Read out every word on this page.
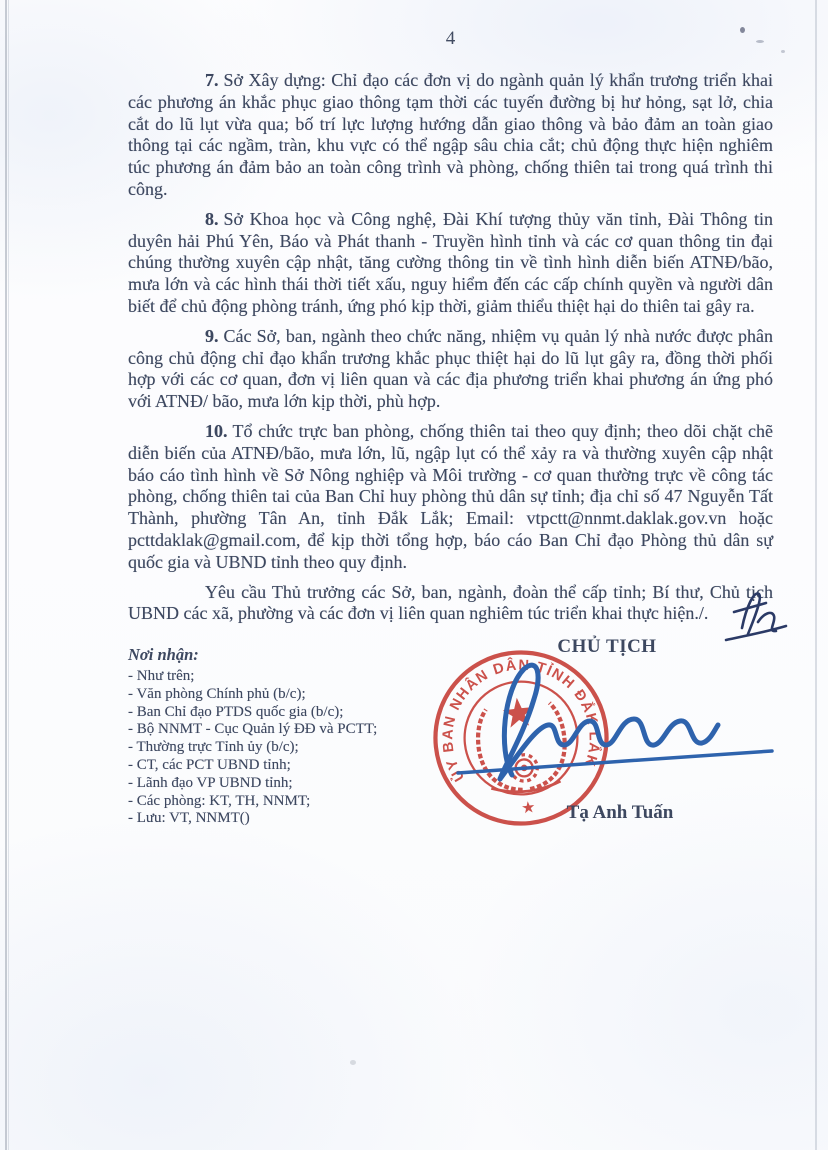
4

7. Sở Xây dựng: Chỉ đạo các đơn vị do ngành quản lý khẩn trương triển khai các phương án khắc phục giao thông tạm thời các tuyến đường bị hư hỏng, sạt lở, chia cắt do lũ lụt vừa qua; bố trí lực lượng hướng dẫn giao thông và bảo đảm an toàn giao thông tại các ngầm, tràn, khu vực có thể ngập sâu chia cắt; chủ động thực hiện nghiêm túc phương án đảm bảo an toàn công trình và phòng, chống thiên tai trong quá trình thi công.

8. Sở Khoa học và Công nghệ, Đài Khí tượng thủy văn tỉnh, Đài Thông tin duyên hải Phú Yên, Báo và Phát thanh - Truyền hình tỉnh và các cơ quan thông tin đại chúng thường xuyên cập nhật, tăng cường thông tin về tình hình diễn biến ATNĐ/bão, mưa lớn và các hình thái thời tiết xấu, nguy hiểm đến các cấp chính quyền và người dân biết để chủ động phòng tránh, ứng phó kịp thời, giảm thiểu thiệt hại do thiên tai gây ra.

9. Các Sở, ban, ngành theo chức năng, nhiệm vụ quản lý nhà nước được phân công chủ động chỉ đạo khẩn trương khắc phục thiệt hại do lũ lụt gây ra, đồng thời phối hợp với các cơ quan, đơn vị liên quan và các địa phương triển khai phương án ứng phó với ATNĐ/ bão, mưa lớn kịp thời, phù hợp.

10. Tổ chức trực ban phòng, chống thiên tai theo quy định; theo dõi chặt chẽ diễn biến của ATNĐ/bão, mưa lớn, lũ, ngập lụt có thể xảy ra và thường xuyên cập nhật báo cáo tình hình về Sở Nông nghiệp và Môi trường - cơ quan thường trực về công tác phòng, chống thiên tai của Ban Chỉ huy phòng thủ dân sự tỉnh; địa chỉ số 47 Nguyễn Tất Thành, phường Tân An, tỉnh Đắk Lắk; Email: vtpctt@nnmt.daklak.gov.vn hoặc pcttdaklak@gmail.com, để kịp thời tổng hợp, báo cáo Ban Chỉ đạo Phòng thủ dân sự quốc gia và UBND tỉnh theo quy định.

Yêu cầu Thủ trưởng các Sở, ban, ngành, đoàn thể cấp tỉnh; Bí thư, Chủ tịch UBND các xã, phường và các đơn vị liên quan nghiêm túc triển khai thực hiện./.

Nơi nhận:

- Như trên;
- Văn phòng Chính phủ (b/c);
- Ban Chỉ đạo PTDS quốc gia (b/c);
- Bộ NNMT - Cục Quản lý ĐĐ và PCTT;
- Thường trực Tỉnh ủy (b/c);
- CT, các PCT UBND tỉnh;
- Lãnh đạo VP UBND tỉnh;
- Các phòng: KT, TH, NNMT;
- Lưu: VT, NNMT()
CHỦ TỊCH
ỦY BAN NHÂN DÂN TỈNH ĐẮK LẮK
★	Tạ Anh Tuấn
